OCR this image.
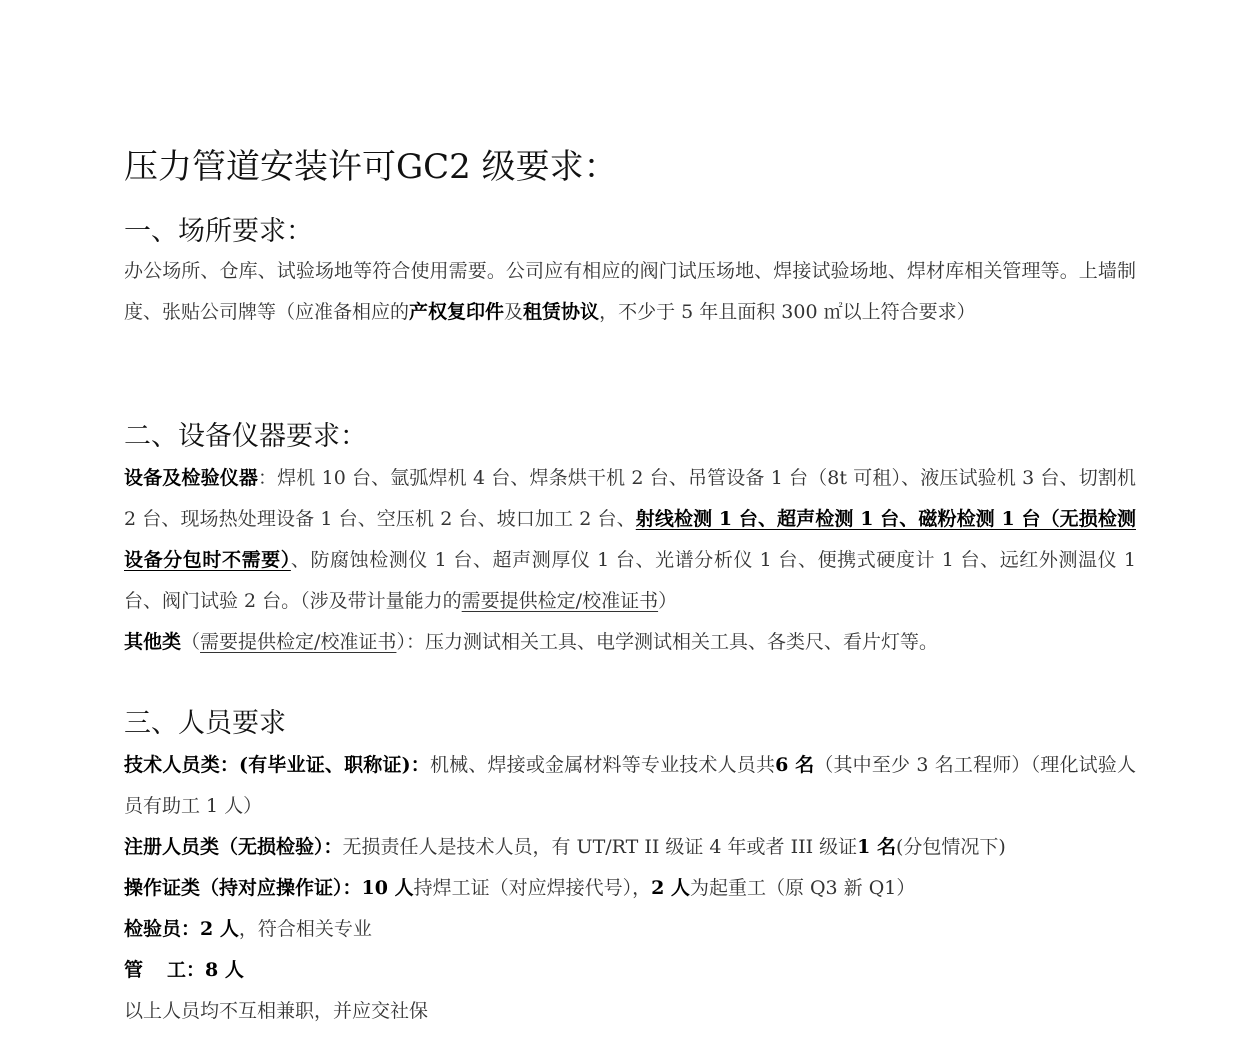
压力管道安装许可GC2 级要求：
一、场所要求：
办公场所、仓库、试验场地等符合使用需要。公司应有相应的阀门试压场地、焊接试验场地、焊材库相关管理等。上墙制度、张贴公司牌等（应准备相应的产权复印件及租赁协议，不少于 5 年且面积 300 ㎡以上符合要求）
二、设备仪器要求：
设备及检验仪器：焊机 10 台、氩弧焊机 4 台、焊条烘干机 2 台、吊管设备 1 台（8t 可租）、液压试验机 3 台、切割机 2 台、现场热处理设备 1 台、空压机 2 台、坡口加工 2 台、射线检测 1 台、超声检测 1 台、磁粉检测 1 台（无损检测设备分包时不需要）、防腐蚀检测仪 1 台、超声测厚仪 1 台、光谱分析仪 1 台、便携式硬度计 1 台、远红外测温仪 1 台、阀门试验 2 台。（涉及带计量能力的需要提供检定/校准证书）
其他类（需要提供检定/校准证书）：压力测试相关工具、电学测试相关工具、各类尺、看片灯等。
三、人员要求
技术人员类：(有毕业证、职称证)：机械、焊接或金属材料等专业技术人员共6 名（其中至少 3 名工程师）（理化试验人员有助工 1 人）
注册人员类（无损检验）：无损责任人是技术人员，有 UT/RT II 级证 4 年或者 III 级证1 名(分包情况下)
操作证类（持对应操作证）：10 人持焊工证（对应焊接代号），2 人为起重工（原 Q3 新 Q1）
检验员：2 人，符合相关专业
管 工：8 人
以上人员均不互相兼职，并应交社保
